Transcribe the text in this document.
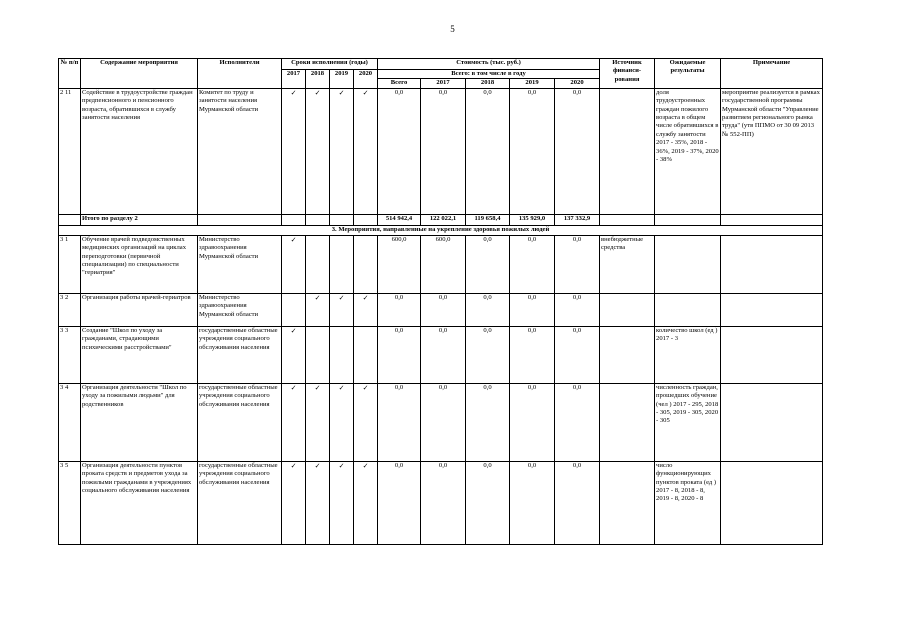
5
№ п/п	Содержание мероприятия	Исполнители	Сроки исполнения (годы)				Стоимость (тыс. руб.)					Источник финанси-рования	Ожидаемые результаты	Примечание
			2017	2018	2019	2020	Всего: в том числе в году							
							Всего	2017	2018	2019	2020			
2 11	Содействие в трудоустройстве граждан предпенсионного и пенсионного возраста, обратившихся в службу занятости населения	Комитет по труду и занятости населения Мурманской области	✓	✓	✓	✓	0,0	0,0	0,0	0,0	0,0		доля трудоустроенных граждан пожилого возраста в общем числе обратившихся в службу занятости 2017 - 35%, 2018 - 36%, 2019 - 37%, 2020 - 38%	мероприятие реализуется в рамках государственной программы Мурманской области "Управление развитием регионального рынка труда" (утв ППМО от 30 09 2013 № 552-ПП)
	Итого по разделу 2						514 942,4	122 022,1	119 658,4	135 929,0	137 332,9			
3. Мероприятия, направленные на укрепление здоровья пожилых людей														
3 1	Обучение врачей подведомственных медицинских организаций на циклах переподготовки (первичной специализации) по специальности "гериатрия"	Министерство здравоохранения Мурманской области	✓				600,0	600,0	0,0	0,0	0,0	внебюджетные средства		
3 2	Организация работы врачей-гериатров	Министерство здравоохранения Мурманской области		✓	✓	✓	0,0	0,0	0,0	0,0	0,0			
3 3	Создание "Школ по уходу за гражданами, страдающими психическими расстройствами"	государственные областные учреждения социального обслуживания населения	✓				0,0	0,0	0,0	0,0	0,0		количество школ (ед ) 2017 - 3	
3 4	Организация деятельности "Школ по уходу за пожилыми людьми" для родственников	государственные областные учреждения социального обслуживания населения	✓	✓	✓	✓	0,0	0,0	0,0	0,0	0,0		численность граждан, прошедших обучение (чел ) 2017 - 295, 2018 - 305, 2019 - 305, 2020 - 305	
3 5	Организация деятельности пунктов проката средств и предметов ухода за пожилыми гражданами в учреждениях социального обслуживания населения	государственные областные учреждения социального обслуживания населения	✓	✓	✓	✓	0,0	0,0	0,0	0,0	0,0		число функционирующих пунктов проката (ед ) 2017 - 8, 2018 - 8, 2019 - 8, 2020 - 8	
